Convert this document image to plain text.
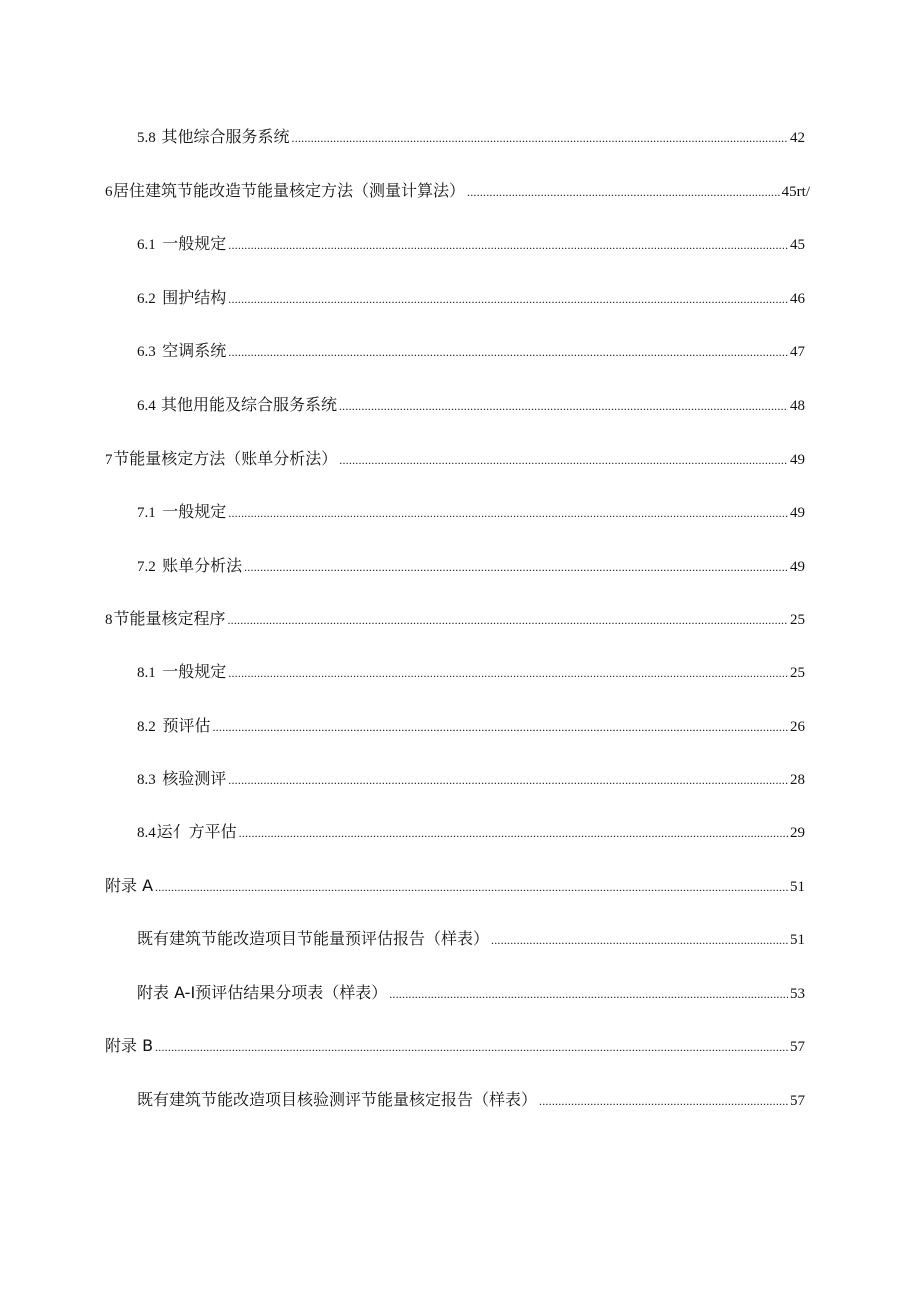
5.8 其他综合服务系统 .....	42
6 居住建筑节能改造节能量核定方法（测量计算法） .....	45rt/
6.1 一般规定 .....	45
6.2 围护结构 .....	46
6.3 空调系统 .....	47
6.4 其他用能及综合服务系统 .....	48
7 节能量核定方法（账单分析法） .....	49
7.1 一般规定 .....	49
7.2 账单分析法 .....	49
8 节能量核定程序 .....	25
8.1 一般规定 .....	25
8.2 预评估 .....	26
8.3 核验测评 .....	28
8.4 运亻方平估 .....	29
附录 A .....	51
既有建筑节能改造项目节能量预评估报告（样表） .....	51
附表 A-I 预评估结果分项表（样表） .....	53
附录 B .....	57
既有建筑节能改造项目核验测评节能量核定报告（样表） .....	57
